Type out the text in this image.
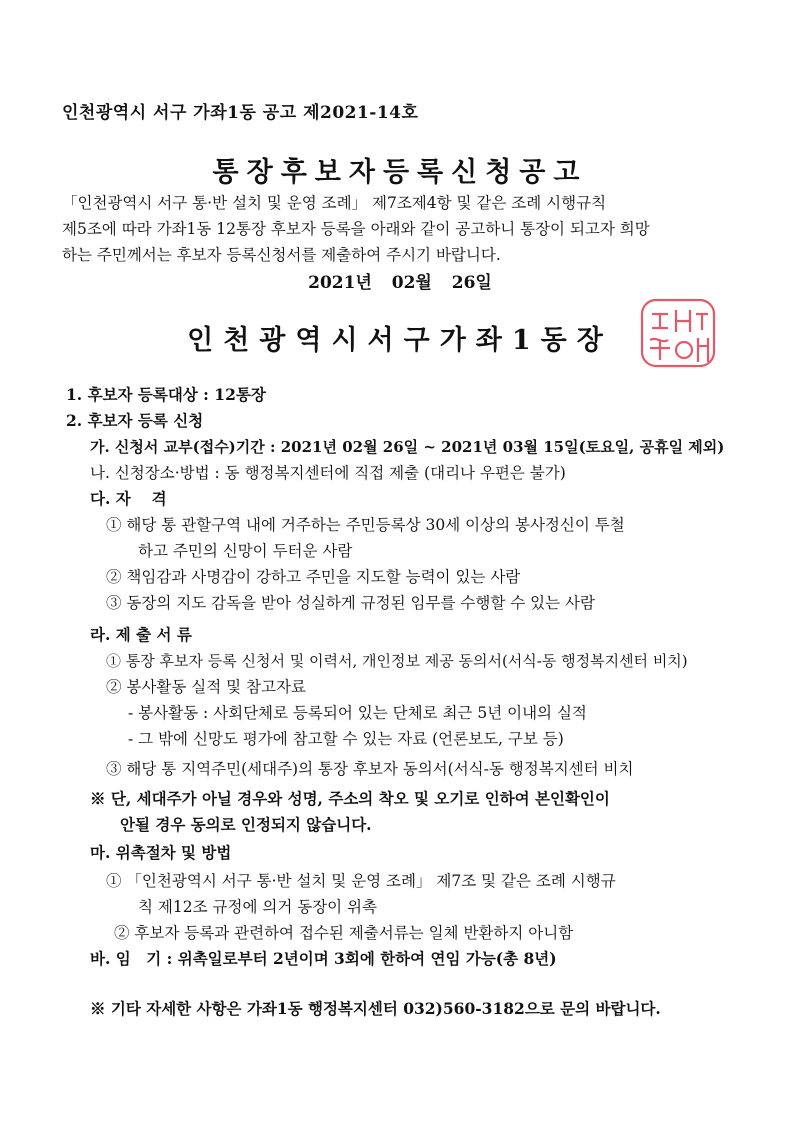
인천광역시 서구 가좌1동 공고 제2021-14호
통장후보자등록신청공고
「인천광역시 서구 통·반 설치 및 운영 조례」 제7조제4항 및 같은 조례 시행규칙
제5조에 따라 가좌1동 12통장 후보자 등록을 아래와 같이 공고하니 통장이 되고자 희망
하는 주민께서는 후보자 등록신청서를 제출하여 주시기 바랍니다.
2021년 02월 26일
인천광역시서구가좌1동장
1. 후보자 등록대상 : 12통장
2. 후보자 등록 신청
가. 신청서 교부(접수)기간 : 2021년 02월 26일 ~ 2021년 03월 15일(토요일, 공휴일 제외)
나. 신청장소·방법 : 동 행정복지센터에 직접 제출 (대리나 우편은 불가)
다. 자　 격
① 해당 통 관할구역 내에 거주하는 주민등록상 30세 이상의 봉사정신이 투철
하고 주민의 신망이 두터운 사람
② 책임감과 사명감이 강하고 주민을 지도할 능력이 있는 사람
③ 동장의 지도 감독을 받아 성실하게 규정된 임무를 수행할 수 있는 사람
라. 제 출 서 류
① 통장 후보자 등록 신청서 및 이력서, 개인정보 제공 동의서(서식-동 행정복지센터 비치)
② 봉사활동 실적 및 참고자료
- 봉사활동 : 사회단체로 등록되어 있는 단체로 최근 5년 이내의 실적
- 그 밖에 신망도 평가에 참고할 수 있는 자료 (언론보도, 구보 등)
③ 해당 통 지역주민(세대주)의 통장 후보자 동의서(서식-동 행정복지센터 비치
※ 단, 세대주가 아닐 경우와 성명, 주소의 착오 및 오기로 인하여 본인확인이
안될 경우 동의로 인정되지 않습니다.
마. 위촉절차 및 방법
① 「인천광역시 서구 통·반 설치 및 운영 조례」 제7조 및 같은 조례 시행규
칙 제12조 규정에 의거 동장이 위촉
② 후보자 등록과 관련하여 접수된 제출서류는 일체 반환하지 아니함
바. 임　기 : 위촉일로부터 2년이며 3회에 한하여 연임 가능(총 8년)
※ 기타 자세한 사항은 가좌1동 행정복지센터 032)560-3182으로 문의 바랍니다.
